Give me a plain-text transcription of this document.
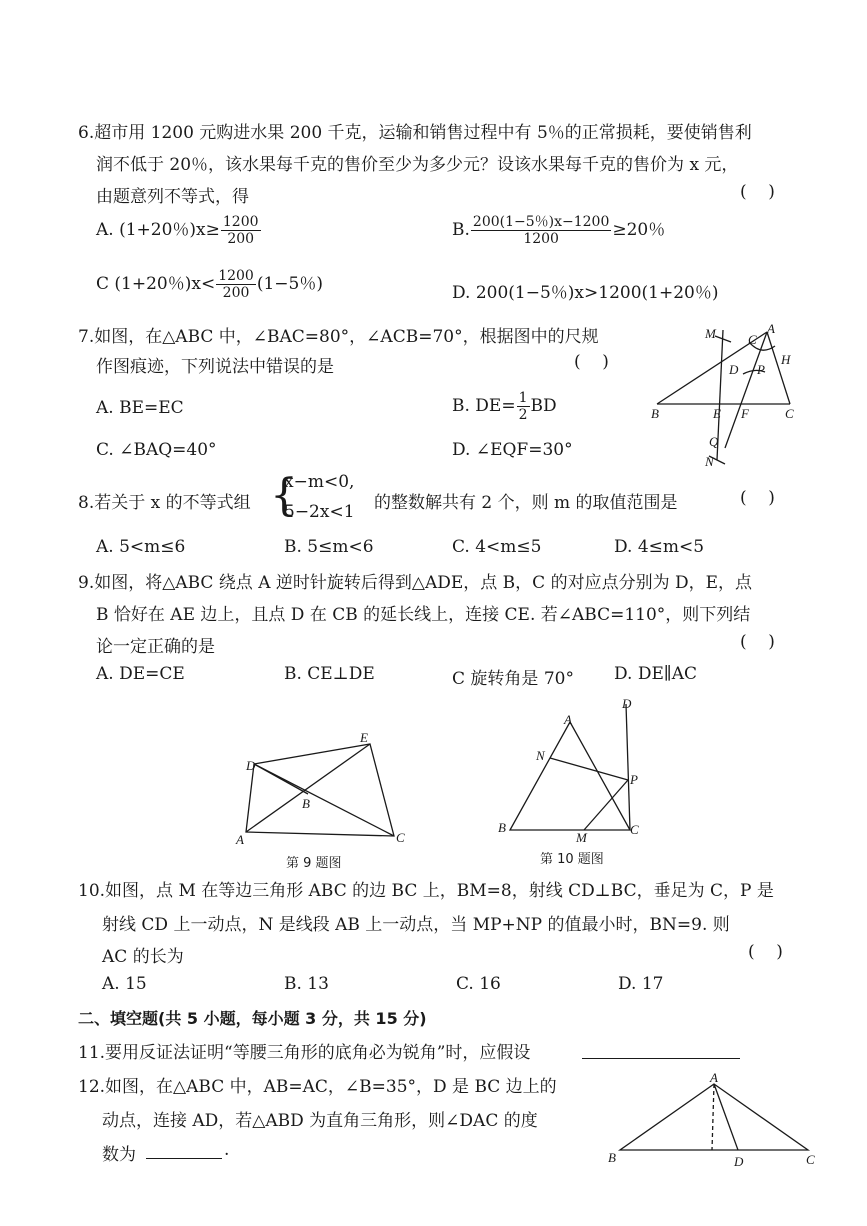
6.超市用 1200 元购进水果 200 千克，运输和销售过程中有 5％的正常损耗，要使销售利
润不低于 20％，该水果每千克的售价至少为多少元？设该水果每千克的售价为 x 元，
由题意列不等式，得	(    )
A. (1+20％)$x\ge \frac{1200}{200}$	B. $\frac{200(1-5\%)x-1200}{1200} \ge 20$％
C (1+20％)$x< \frac{1200}{200} (1-5$％)	D. 200(1−5％)x>1200(1+20％)
7.如图，在△ABC 中，∠BAC=80°，∠ACB=70°，根据图中的尺规
作图痕迹，下列说法中错误的是	(    )
A. BE=EC	B. $DE= \frac{1}{2}$ BD
C. ∠BAQ=40°	D. ∠EQF=30°
M C
A
H
D P
B	E F	C
Q
N
8.若关于 x 的不等式组 {
x−m<0,
5−2x<1 的整数解共有 2 个，则 m 的取值范围是	(    )
A. 5<m≤6	B. 5≤m<6	C. 4<m≤5	D. 4≤m<5
9.如图，将△ABC 绕点 A 逆时针旋转后得到△ADE，点 B，C 的对应点分别为 D，E，点
B 恰好在 AE 边上，且点 D 在 CB 的延长线上，连接 CE. 若∠ABC=110°，则下列结
论一定正确的是	(    )
A. DE=CE	B. CE⊥DE	C 旋转角是 70° D. DE∥AC
D
E
B
A	C
第 9 题图
D
A
N
P
B
M
C
第 10 题图
10.如图，点 M 在等边三角形 ABC 的边 BC 上，BM=8，射线 CD⊥BC，垂足为 C，P 是
射线 CD 上一动点，N 是线段 AB 上一动点，当 MP+NP 的值最小时，BN=9. 则
AC 的长为	(    )
A. 15	B. 13	C. 16	D. 17
二、填空题(共 5 小题，每小题 3 分，共 15 分)
11.要用反证法证明“等腰三角形的底角必为锐角”时，应假设
12.如图，在△ABC 中，AB=AC，∠B=35°，D 是 BC 边上的
动点，连接 AD，若△ABD 为直角三角形，则∠DAC 的度
数为	.
A
B	D	C
